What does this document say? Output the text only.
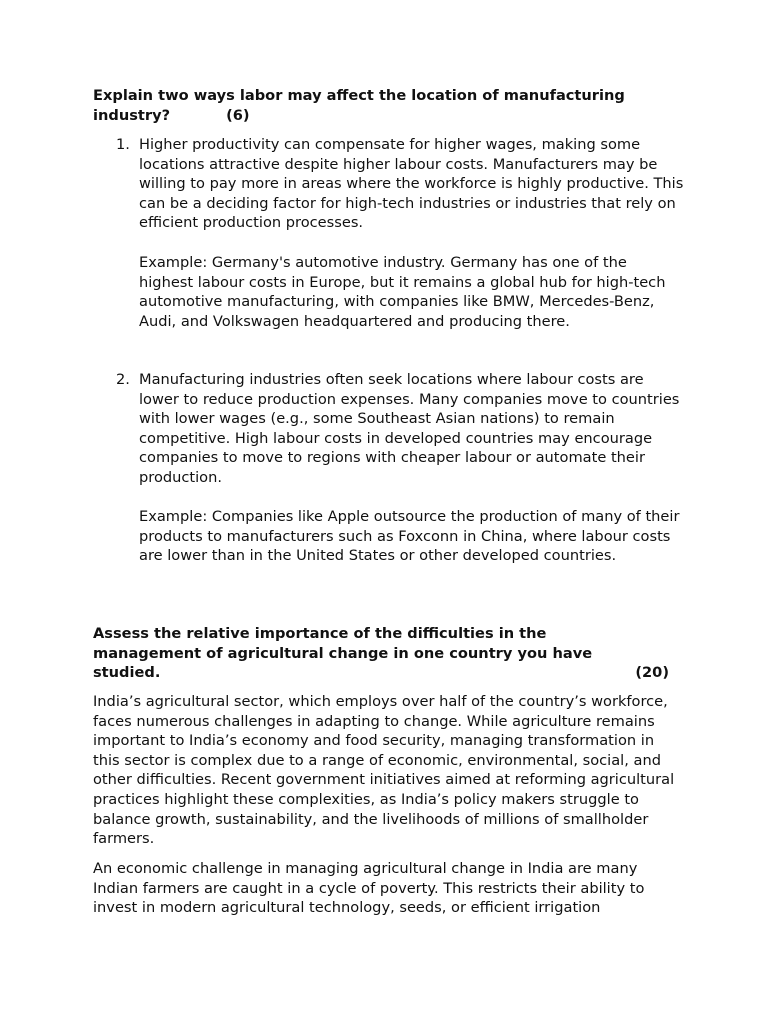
Explain two ways labor may affect the location of manufacturing
industry?	(6)
1. Higher productivity can compensate for higher wages, making some locations attractive despite higher labour costs. Manufacturers may be willing to pay more in areas where the workforce is highly productive. This can be a deciding factor for high-tech industries or industries that rely on efficient production processes.

Example: Germany's automotive industry. Germany has one of the highest labour costs in Europe, but it remains a global hub for high-tech automotive manufacturing, with companies like BMW, Mercedes-Benz, Audi, and Volkswagen headquartered and producing there.

2. Manufacturing industries often seek locations where labour costs are lower to reduce production expenses. Many companies move to countries with lower wages (e.g., some Southeast Asian nations) to remain competitive. High labour costs in developed countries may encourage companies to move to regions with cheaper labour or automate their production.

Example: Companies like Apple outsource the production of many of their products to manufacturers such as Foxconn in China, where labour costs are lower than in the United States or other developed countries.

Assess the relative importance of the difficulties in the
management of agricultural change in one country you have
studied.	(20)

India’s agricultural sector, which employs over half of the country’s workforce, faces numerous challenges in adapting to change. While agriculture remains important to India’s economy and food security, managing transformation in this sector is complex due to a range of economic, environmental, social, and other difficulties. Recent government initiatives aimed at reforming agricultural practices highlight these complexities, as India’s policy makers struggle to balance growth, sustainability, and the livelihoods of millions of smallholder farmers.

An economic challenge in managing agricultural change in India are many Indian farmers are caught in a cycle of poverty. This restricts their ability to invest in modern agricultural technology, seeds, or efficient irrigation
